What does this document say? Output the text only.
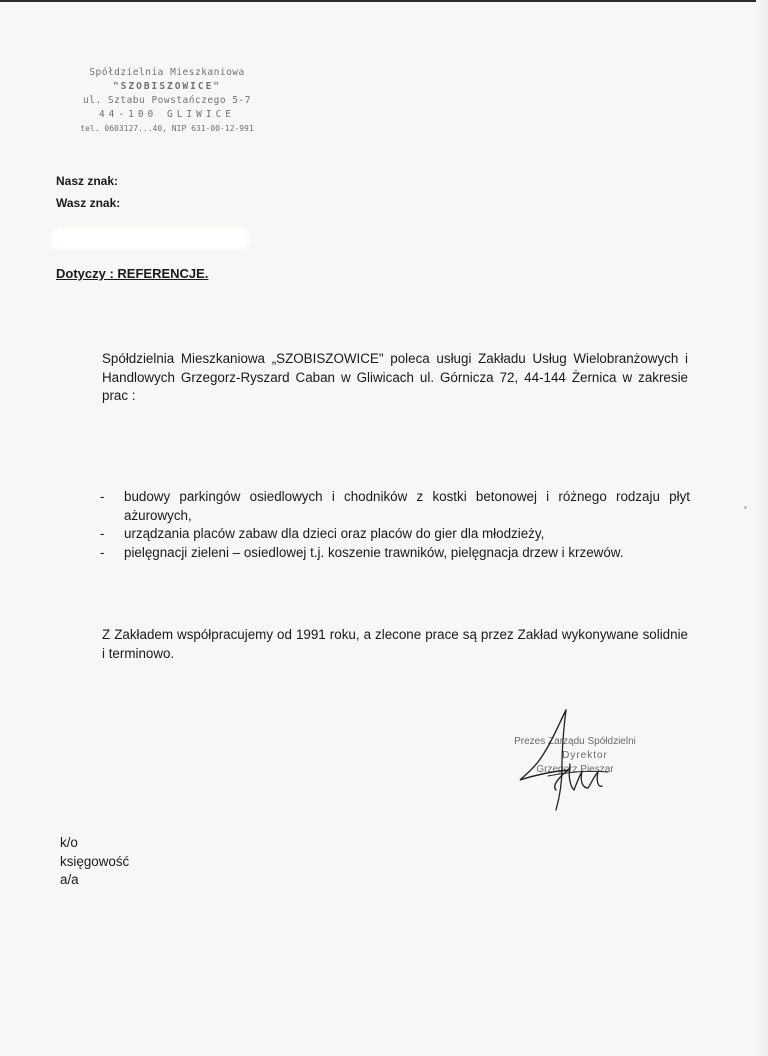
Spółdzielnia Mieszkaniowa
"SZOBISZOWICE"
ul. Sztabu Powstańczego 5-7
44-100 GLIWICE
tel. 0603127...40, NIP 631-00-12-991
Nasz znak:
Wasz znak:
Dotyczy : REFERENCJE.
Spółdzielnia Mieszkaniowa „SZOBISZOWICE" poleca usługi Zakładu Usług Wielobranżowych i Handlowych Grzegorz-Ryszard Caban w Gliwicach ul. Górnicza 72, 44-144 Żernica w zakresie prac :
-	budowy parkingów osiedlowych i chodników z kostki betonowej i różnego rodzaju płyt ażurowych,
-	urządzania placów zabaw dla dzieci oraz placów do gier dla młodzieży,
-	pielęgnacji zieleni – osiedlowej t.j. koszenie trawników, pielęgnacja drzew i krzewów.
Z Zakładem współpracujemy od 1991 roku, a zlecone prace są przez Zakład wykonywane solidnie i terminowo.
Prezes Zarządu Spółdzielni
Dyrektor
Grzegorz Pieszar
k/o
księgowość
a/a
